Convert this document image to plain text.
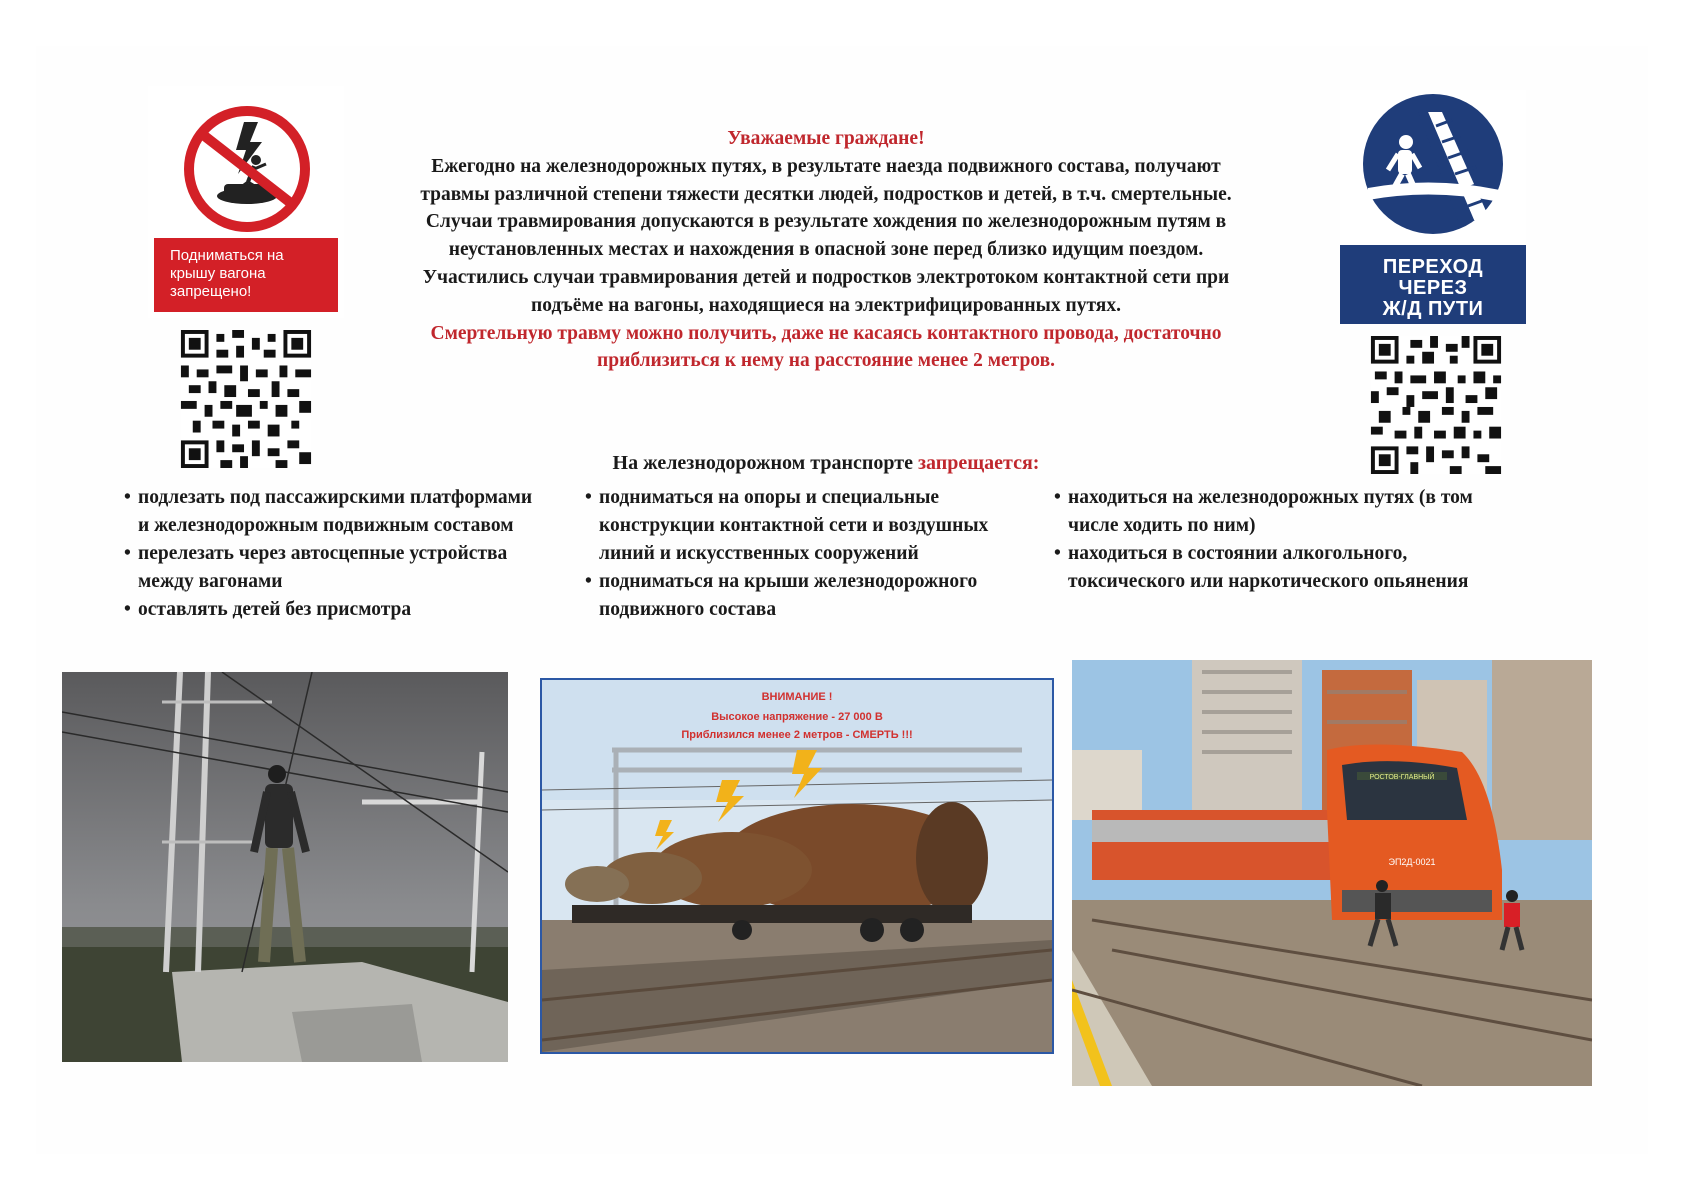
Подниматься на крышу вагона запрещено!
ПЕРЕХОД
ЧЕРЕЗ
Ж/Д ПУТИ
Уважаемые граждане!
Ежегодно на железнодорожных путях, в результате наезда подвижного состава, получают травмы различной степени тяжести десятки людей, подростков и детей, в т.ч. смертельные. Случаи травмирования допускаются в результате хождения по железнодорожным путям в неустановленных местах и нахождения в опасной зоне перед близко идущим поездом. Участились случаи травмирования детей и подростков электротоком контактной сети при подъёме на вагоны, находящиеся на электрифицированных путях.
Смертельную травму можно получить, даже не касаясь контактного провода, достаточно приблизиться к нему на расстояние менее 2 метров.
На железнодорожном транспорте запрещается:
• подлезать под пассажирскими платформами и железнодорожным подвижным составом
• перелезать через автосцепные устройства между вагонами
• оставлять детей без присмотра
• подниматься на опоры и специальные конструкции контактной сети и воздушных линий и искусственных сооружений
• подниматься на крыши железнодорожного подвижного состава
• находиться на железнодорожных путях (в том числе ходить по ним)
• находиться в состоянии алкогольного, токсического или наркотического опьянения
ВНИМАНИЕ !
Высокое напряжение - 27 000 В
Приблизился менее 2 метров - СМЕРТЬ !!!
РОСТОВ-ГЛАВНЫЙ
ЭП2Д-0021
